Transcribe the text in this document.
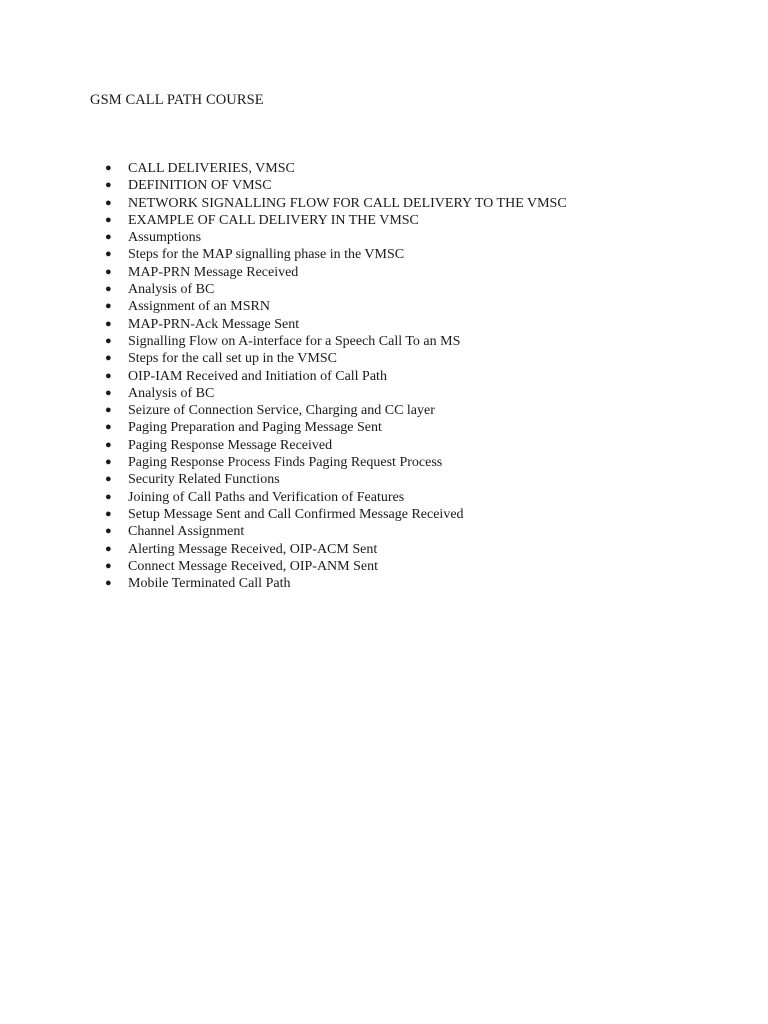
GSM CALL PATH COURSE
● CALL DELIVERIES, VMSC
● DEFINITION OF VMSC
● NETWORK SIGNALLING FLOW FOR CALL DELIVERY TO THE VMSC
● EXAMPLE OF CALL DELIVERY IN THE VMSC
● Assumptions
● Steps for the MAP signalling phase in the VMSC
● MAP-PRN Message Received
● Analysis of BC
● Assignment of an MSRN
● MAP-PRN-Ack Message Sent
● Signalling Flow on A-interface for a Speech Call To an MS
● Steps for the call set up in the VMSC
● OIP-IAM Received and Initiation of Call Path
● Analysis of BC
● Seizure of Connection Service, Charging and CC layer
● Paging Preparation and Paging Message Sent
● Paging Response Message Received
● Paging Response Process Finds Paging Request Process
● Security Related Functions
● Joining of Call Paths and Verification of Features
● Setup Message Sent and Call Confirmed Message Received
● Channel Assignment
● Alerting Message Received, OIP-ACM Sent
● Connect Message Received, OIP-ANM Sent
● Mobile Terminated Call Path
